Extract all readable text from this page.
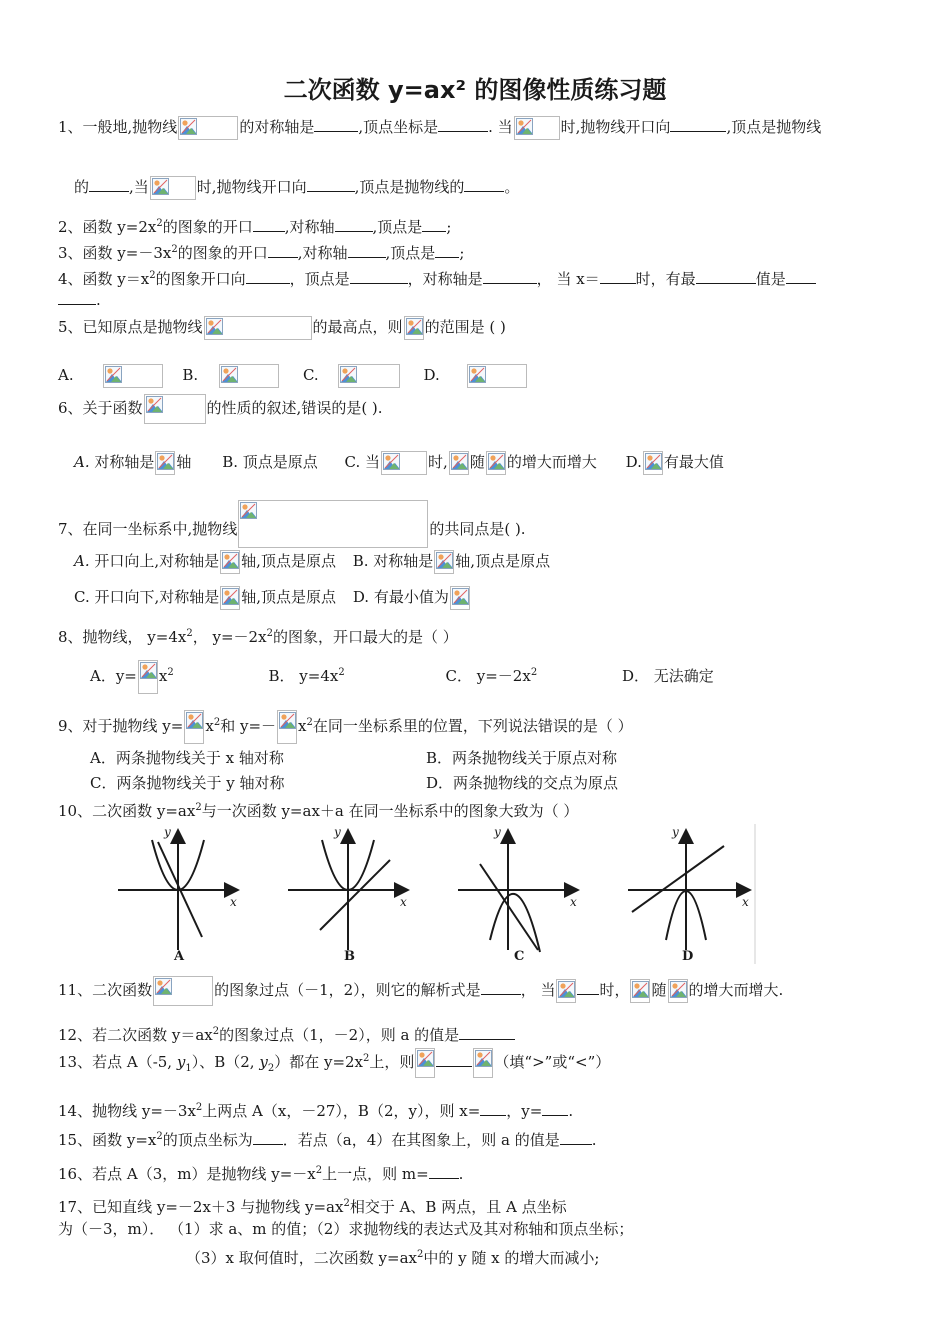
二次函数 y=ax² 的图像性质练习题
1、一般地,抛物线	的对称轴是	,顶点坐标是	. 当	时,抛物线开口向	,顶点是抛物线
的	,当	时,抛物线开口向	,顶点是抛物线的	。
2、函数 $y=2x^2$的图象的开口 ,对称轴	,顶点是 ;
3、函数 $y=-3x^2$的图象的开口 ,对称轴	,顶点是 ;
4、函数 $y=x^2$的图象开口向	，顶点是	，对称轴是	， 当 x＝ 时，有最	值是
.
5、已知原点是抛物线	的最高点，则 的范围是 ( )
A.	B.	C.	D.
6、关于函数	的性质的叙述,错误的是( ).
A. 对称轴是 轴 B. 顶点是原点 C. 当	时, 随 的增大而增大 D. 有最大值
7、在同一坐标系中,抛物线	的共同点是( ).
A. 开口向上,对称轴是 轴,顶点是原点 B. 对称轴是 轴,顶点是原点
C. 开口向下,对称轴是 轴,顶点是原点 D. 有最小值为
8、抛物线， $y=4x^2$， $y=-2x^2$的图象，开口最大的是（ ）
A．$y= x^2$	B． $y=4x^2$	C． $y=-2x^2$	D． 无法确定
9、对于抛物线 $y= x^2$和 $y=- x^2$在同一坐标系里的位置，下列说法错误的是（ ）
A．两条抛物线关于 x 轴对称	B．两条抛物线关于原点对称
C．两条抛物线关于 y 轴对称	D．两条抛物线的交点为原点
10、二次函数 $y=ax^2$与一次函数 y=ax＋a 在同一坐标系中的图象大致为（ ）
y
x
A
y
x
B
y
x
C
y
x
D
11、二次函数	的图象过点（－1，2），则它的解析式是	， 当	时， 随 的增大而增大.
12、若二次函数 $y=ax^2$的图象过点（1，－2），则 a 的值是
13、若点 A（-5, $y_1$）、B（2, $y_2$）都在 $y=2x^2$上，则	（填“>”或“<”）
14、抛物线 $y=-3x^2$上两点 A（x，－27），B（2，y），则 x= ，y= .
15、函数 $y=x^2$的顶点坐标为 ．若点（a，4）在其图象上，则 a 的值是 .
16、若点 A（3，m）是抛物线 $y=-x^2$上一点，则 m= .
17、已知直线 y=－2x＋3 与抛物线 $y=ax^2$相交于 A、B 两点，且 A 点坐标
为（－3，m）． （1）求 a、m 的值；（2）求抛物线的表达式及其对称轴和顶点坐标；
（3）x 取何值时，二次函数 $y=ax^2$中的 y 随 x 的增大而减小;
